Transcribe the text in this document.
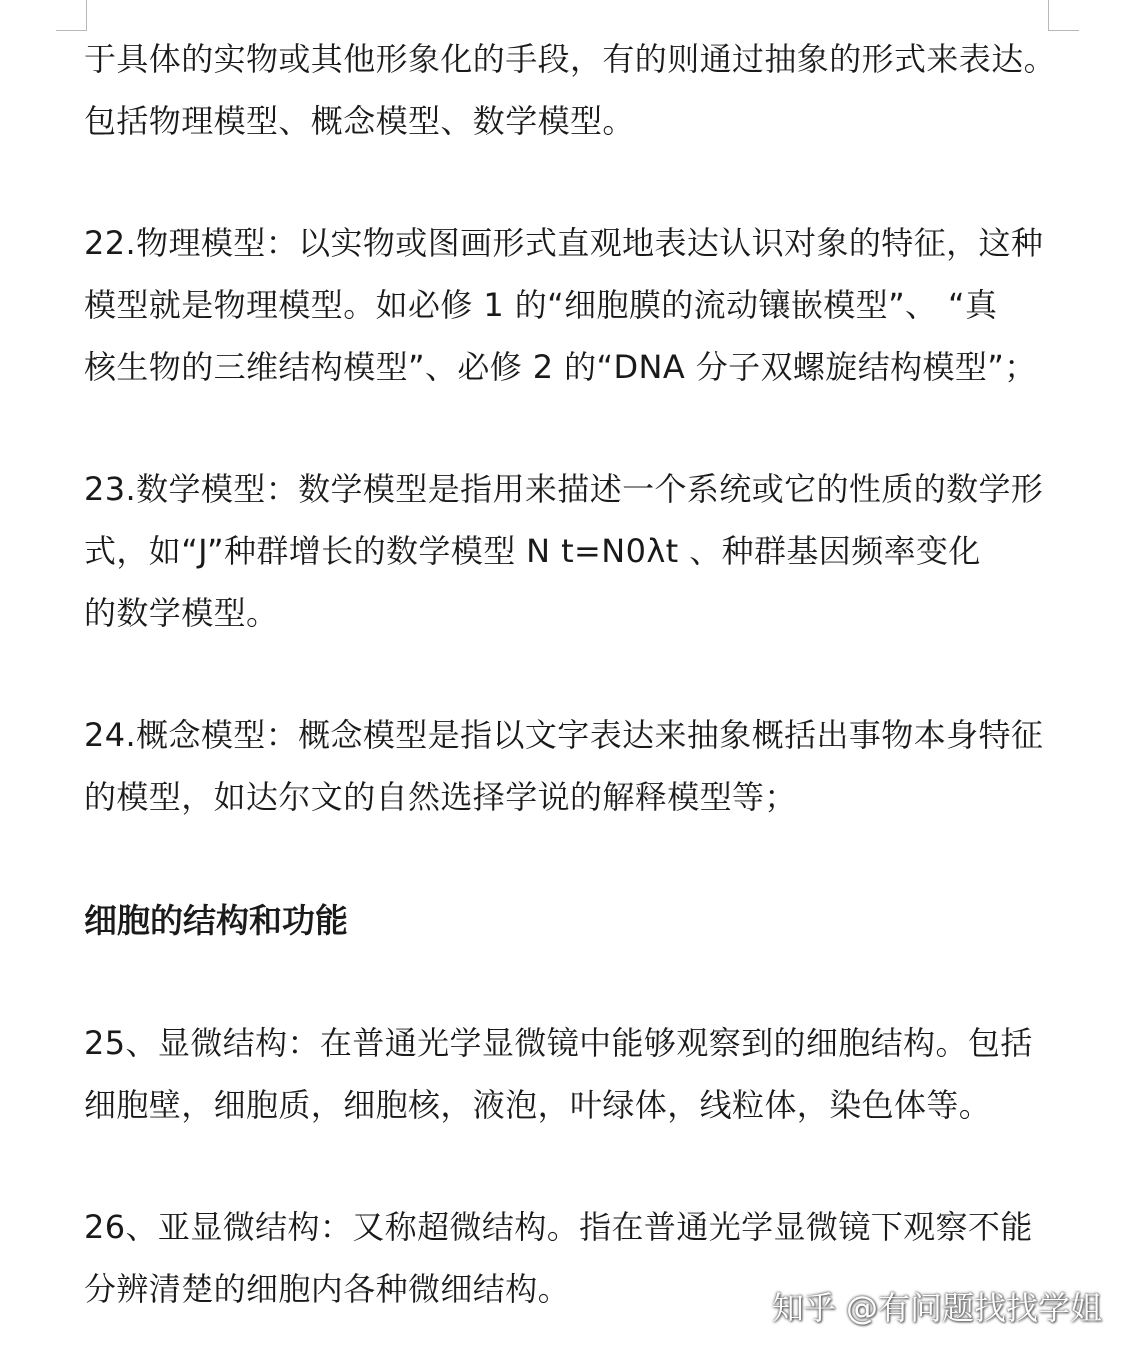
于具体的实物或其他形象化的手段，有的则通过抽象的形式来表达。
包括物理模型、概念模型、数学模型。
22.物理模型：以实物或图画形式直观地表达认识对象的特征，这种
模型就是物理模型。如必修 1 的“细胞膜的流动镶嵌模型”、 “真
核生物的三维结构模型”、必修 2 的“DNA 分子双螺旋结构模型”；
23.数学模型：数学模型是指用来描述一个系统或它的性质的数学形
式，如“J”种群增长的数学模型 N t=N0λt 、种群基因频率变化
的数学模型。
24.概念模型：概念模型是指以文字表达来抽象概括出事物本身特征
的模型，如达尔文的自然选择学说的解释模型等；
细胞的结构和功能
25、显微结构：在普通光学显微镜中能够观察到的细胞结构。包括
细胞壁，细胞质，细胞核，液泡，叶绿体，线粒体，染色体等。
26、亚显微结构：又称超微结构。指在普通光学显微镜下观察不能
分辨清楚的细胞内各种微细结构。	知乎 @有问题找找学姐
